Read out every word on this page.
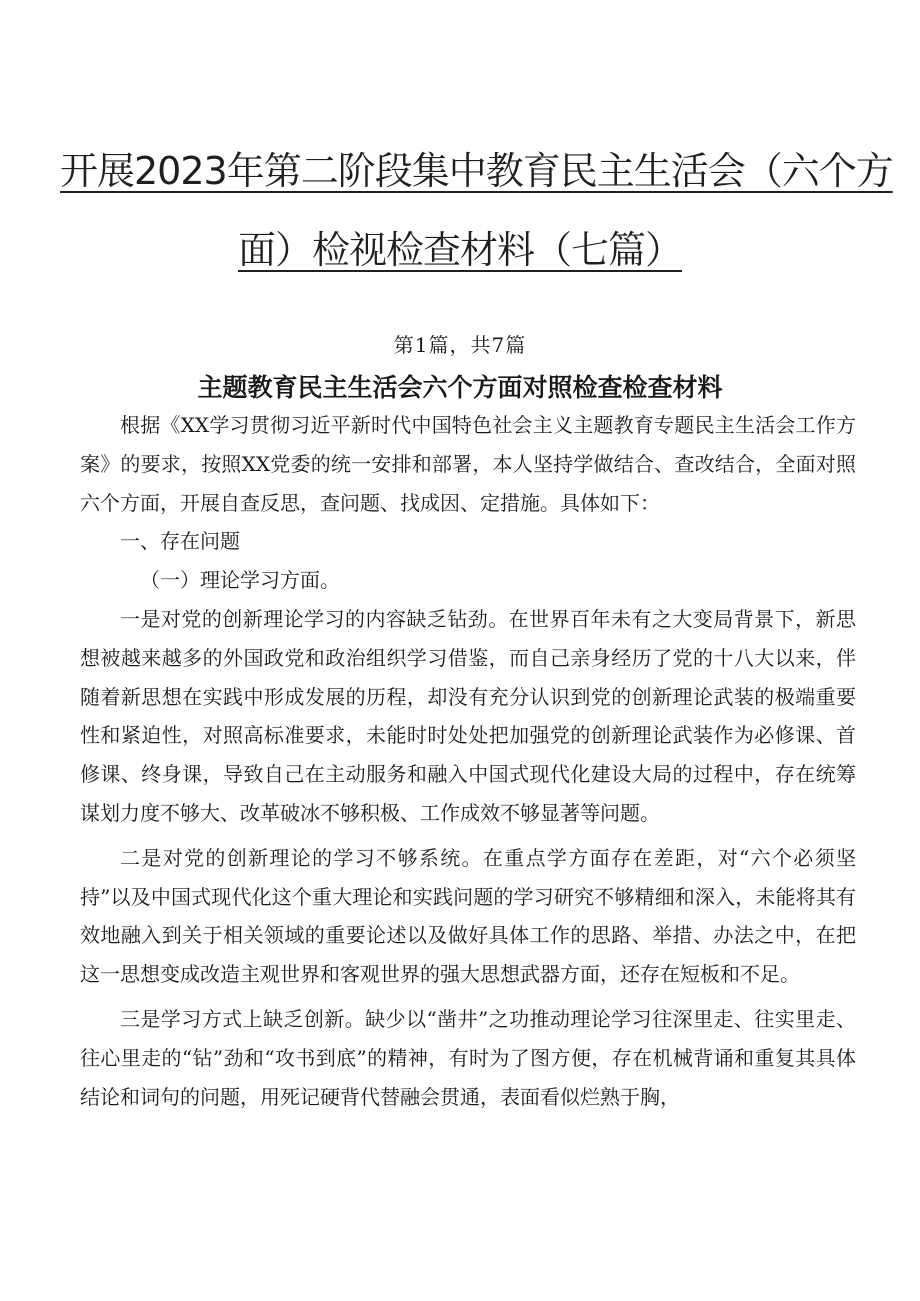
开展2023年第二阶段集中教育民主生活会（六个方
面）检视检查材料（七篇）
第1篇，共7篇
主题教育民主生活会六个方面对照检查检查材料

根据《XX学习贯彻习近平新时代中国特色社会主义主题教育专题民主生活会工作方案》的要求，按照XX党委的统一安排和部署，本人坚持学做结合、查改结合，全面对照六个方面，开展自查反思，查问题、找成因、定措施。具体如下：

一、存在问题

（一）理论学习方面。

一是对党的创新理论学习的内容缺乏钻劲。在世界百年未有之大变局背景下，新思想被越来越多的外国政党和政治组织学习借鉴，而自己亲身经历了党的十八大以来，伴随着新思想在实践中形成发展的历程，却没有充分认识到党的创新理论武装的极端重要性和紧迫性，对照高标准要求，未能时时处处把加强党的创新理论武装作为必修课、首修课、终身课，导致自己在主动服务和融入中国式现代化建设大局的过程中，存在统筹谋划力度不够大、改革破冰不够积极、工作成效不够显著等问题。

二是对党的创新理论的学习不够系统。在重点学方面存在差距，对“六个必须坚持”以及中国式现代化这个重大理论和实践问题的学习研究不够精细和深入，未能将其有效地融入到关于相关领域的重要论述以及做好具体工作的思路、举措、办法之中，在把这一思想变成改造主观世界和客观世界的强大思想武器方面，还存在短板和不足。

三是学习方式上缺乏创新。缺少以“凿井”之功推动理论学习往深里走、往实里走、往心里走的“钻”劲和“攻书到底”的精神，有时为了图方便，存在机械背诵和重复其具体结论和词句的问题，用死记硬背代替融会贯通，表面看似烂熟于胸，
